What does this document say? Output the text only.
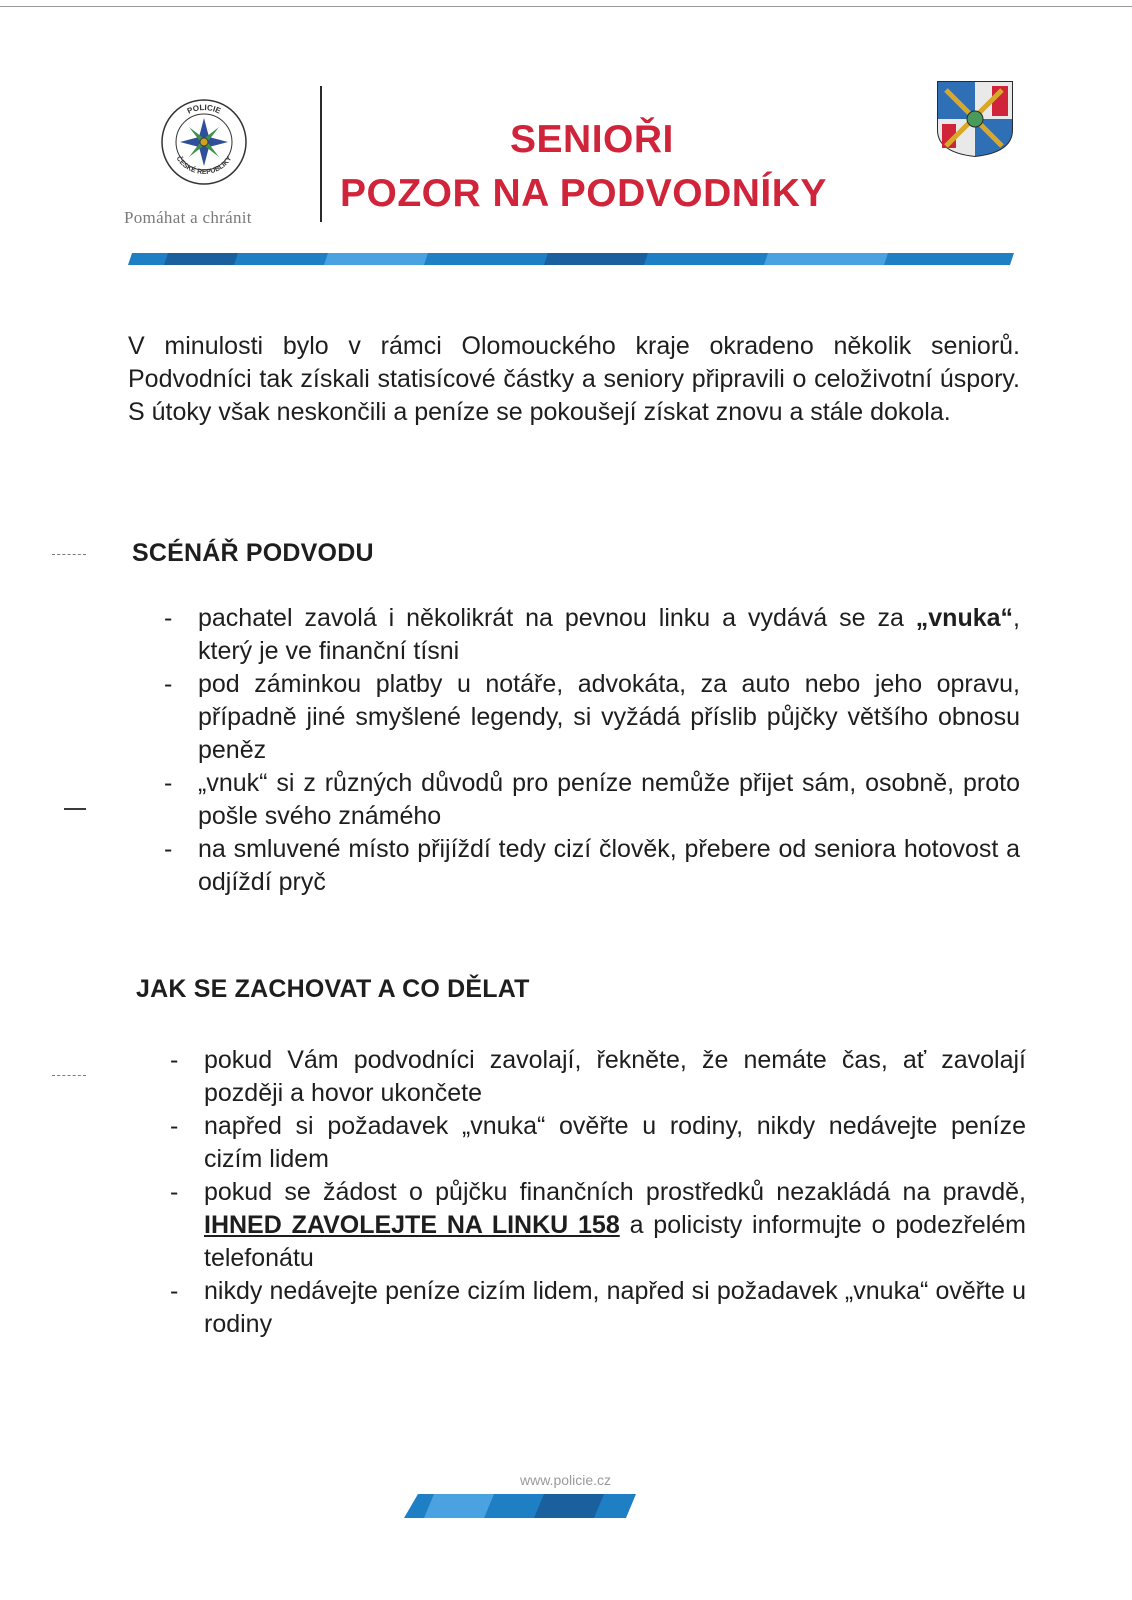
POLICIE
ČESKÉ REPUBLIKY
Pomáhat a chránit
SENIOŘI
POZOR NA PODVODNÍKY

V minulosti bylo v rámci Olomouckého kraje okradeno několik seniorů. Podvodníci tak získali statisícové částky a seniory připravili o celoživotní úspory. S útoky však neskončili a peníze se pokoušejí získat znovu a stále dokola.

SCÉNÁŘ PODVODU
- pachatel zavolá i několikrát na pevnou linku a vydává se za „vnuka“, který je ve finanční tísni
- pod záminkou platby u notáře, advokáta, za auto nebo jeho opravu, případně jiné smyšlené legendy, si vyžádá příslib půjčky většího obnosu peněz
- „vnuk“ si z různých důvodů pro peníze nemůže přijet sám, osobně, proto pošle svého známého
- na smluvené místo přijíždí tedy cizí člověk, přebere od seniora hotovost a odjíždí pryč
JAK SE ZACHOVAT A CO DĚLAT
- pokud Vám podvodníci zavolají, řekněte, že nemáte čas, ať zavolají později a hovor ukončete
- napřed si požadavek „vnuka“ ověřte u rodiny, nikdy nedávejte peníze cizím lidem
- pokud se žádost o půjčku finančních prostředků nezakládá na pravdě, IHNED ZAVOLEJTE NA LINKU 158 a policisty informujte o podezřelém telefonátu
- nikdy nedávejte peníze cizím lidem, napřed si požadavek „vnuka“ ověřte u rodiny
www.policie.cz
